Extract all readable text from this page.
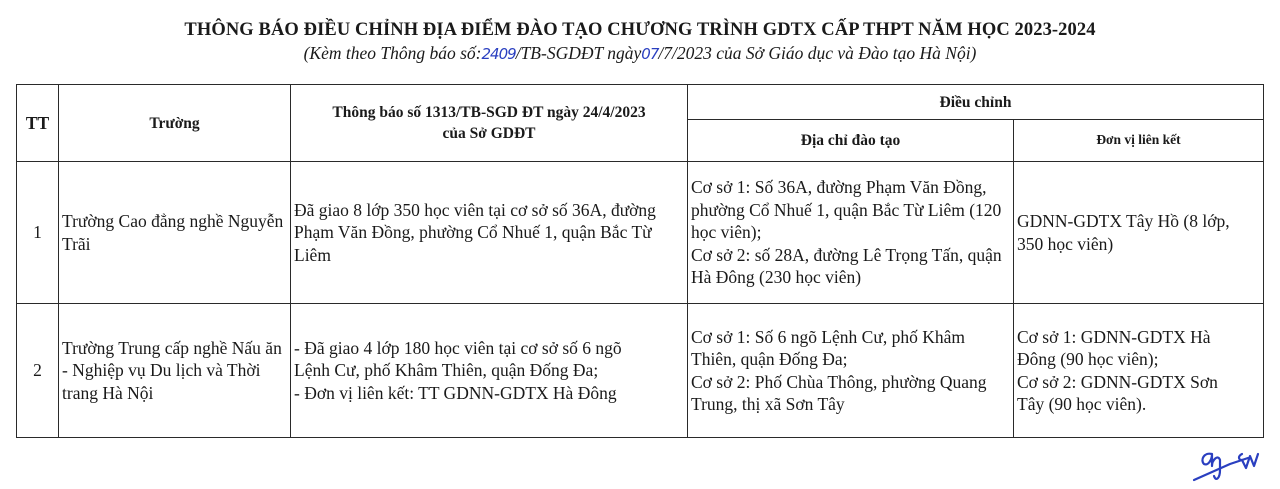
THÔNG BÁO ĐIỀU CHỈNH ĐỊA ĐIỂM ĐÀO TẠO CHƯƠNG TRÌNH GDTX CẤP THPT NĂM HỌC 2023-2024
(Kèm theo Thông báo số:2409/TB-SGDĐT ngày07/7/2023 của Sở Giáo dục và Đào tạo Hà Nội)
TT	Trường	Thông báo số 1313/TB-SGD ĐT ngày 24/4/2023 của Sở GDĐT	Điều chỉnh	
			Địa chỉ đào tạo	Đơn vị liên kết
1	Trường Cao đẳng nghề Nguyễn Trãi	Đã giao 8 lớp 350 học viên tại cơ sở số 36A, đường Phạm Văn Đồng, phường Cổ Nhuế 1, quận Bắc Từ Liêm	Cơ sở 1: Số 36A, đường Phạm Văn Đồng, phường Cổ Nhuế 1, quận Bắc Từ Liêm (120 học viên);
Cơ sở 2: số 28A, đường Lê Trọng Tấn, quận Hà Đông (230 học viên)	GDNN-GDTX Tây Hồ (8 lớp, 350 học viên)

2	Trường Trung cấp nghề Nấu ăn - Nghiệp vụ Du lịch và Thời trang Hà Nội	- Đã giao 4 lớp 180 học viên tại cơ sở số 6 ngõ Lệnh Cư, phố Khâm Thiên, quận Đống Đa;
- Đơn vị liên kết: TT GDNN-GDTX Hà Đông	Cơ sở 1: Số 6 ngõ Lệnh Cư, phố Khâm Thiên, quận Đống Đa;
Cơ sở 2: Phố Chùa Thông, phường Quang Trung, thị xã Sơn Tây	Cơ sở 1: GDNN-GDTX Hà Đông (90 học viên);
Cơ sở 2: GDNN-GDTX Sơn Tây (90 học viên).
